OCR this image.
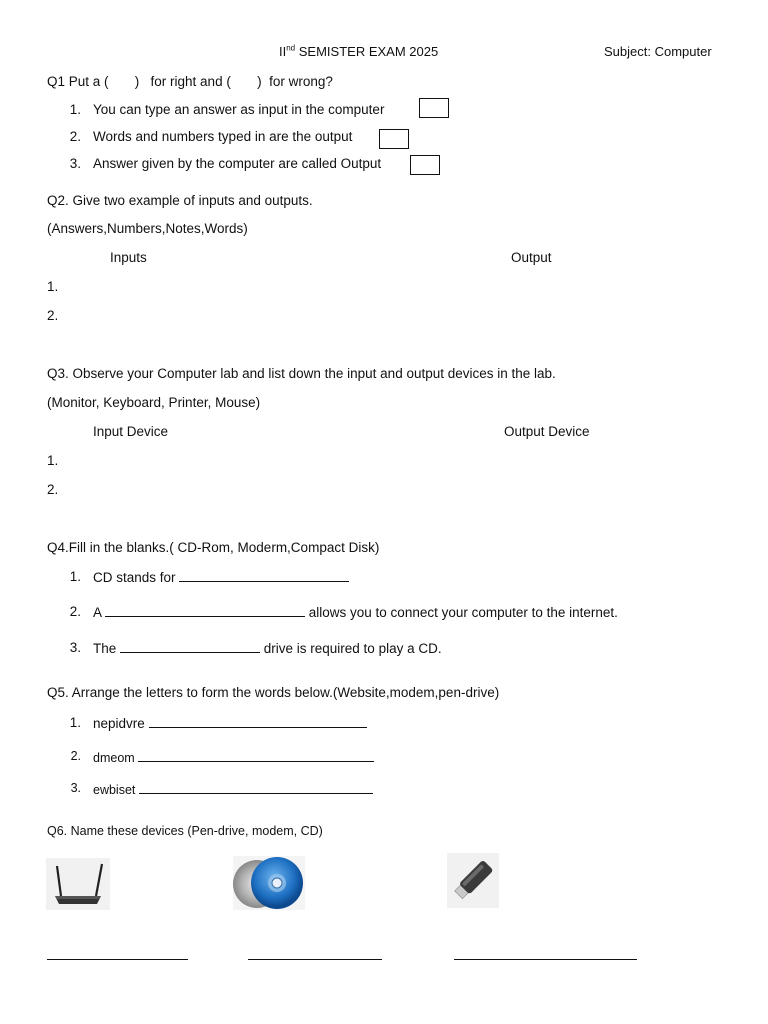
IInd SEMISTER EXAM 2025	Subject: Computer
Q1 Put a (       )   for right and (       )  for wrong?
1. You can type an answer as input in the computer
2. Words and numbers typed in are the output
3. Answer given by the computer are called Output
Q2. Give two example of inputs and outputs.
(Answers,Numbers,Notes,Words)
Inputs	Output
1.
2.
Q3. Observe your Computer lab and list down the input and output devices in the lab.
(Monitor, Keyboard, Printer, Mouse)
Input Device	Output Device
1.
2.
Q4.Fill in the blanks.( CD-Rom, Moderm,Compact Disk)
1. CD stands for
2. A	allows you to connect your computer to the internet.
3. The	drive is required to play a CD.
Q5. Arrange the letters to form the words below.(Website,modem,pen-drive)
1. nepidvre
2. dmeom
3. ewbiset
Q6. Name these devices (Pen-drive, modem, CD)
